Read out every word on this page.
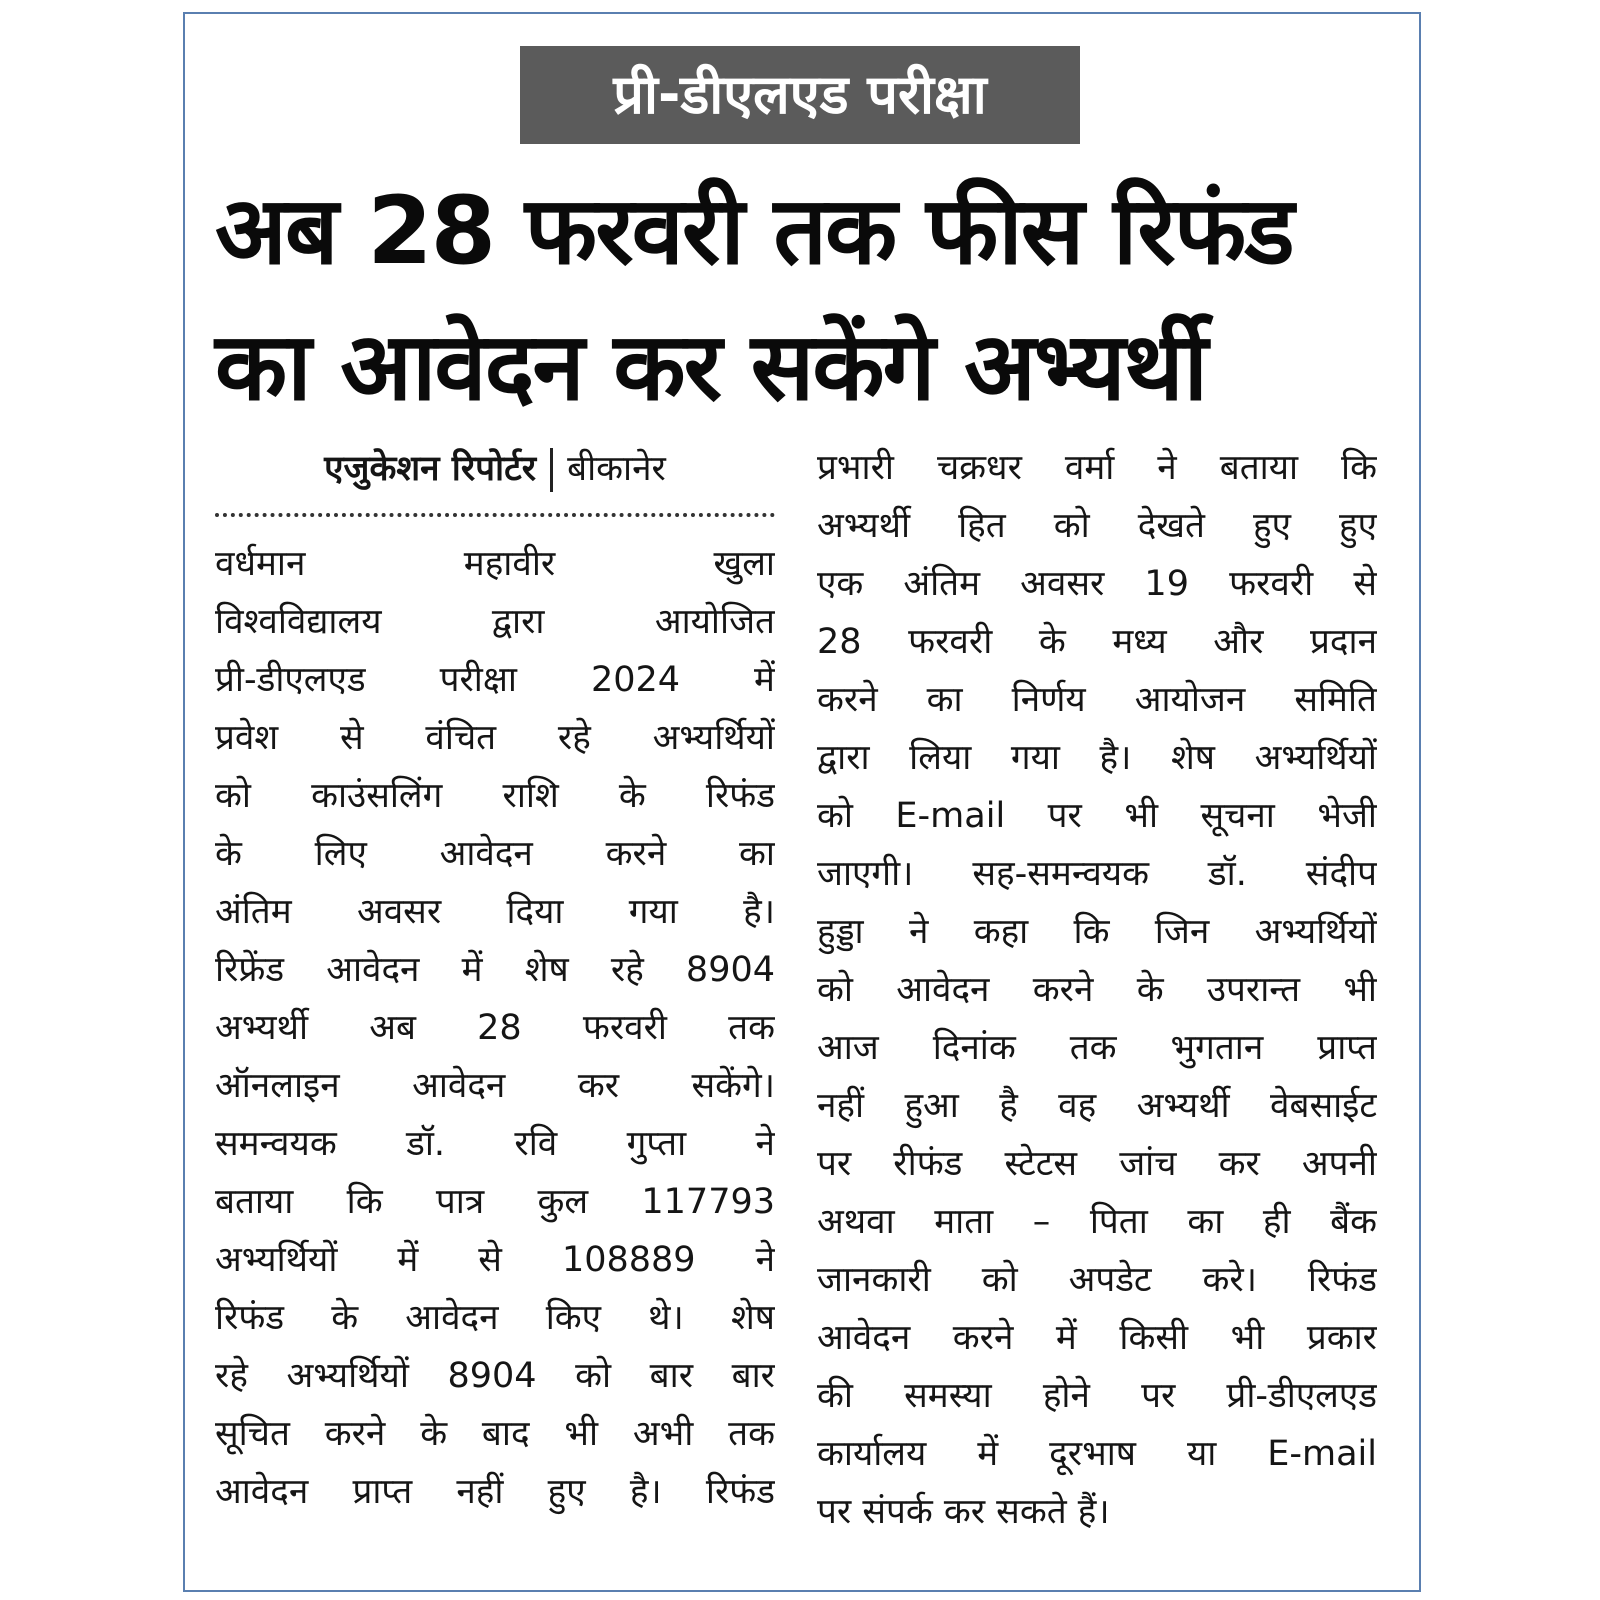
प्री-डीएलएड परीक्षा
अब 28 फरवरी तक फीस रिफंड
का आवेदन कर सकेंगे अभ्यर्थी
एजुकेशन रिपोर्टर बीकानेर
वर्धमान महावीर खुला
विश्वविद्यालय द्वारा आयोजित
प्री-डीएलएड परीक्षा 2024 में
प्रवेश से वंचित रहे अभ्यर्थियों
को काउंसलिंग राशि के रिफंड
के लिए आवेदन करने का
अंतिम अवसर दिया गया है।
रिफ्रेंड आवेदन में शेष रहे 8904
अभ्यर्थी अब 28 फरवरी तक
ऑनलाइन आवेदन कर सकेंगे।
समन्वयक डॉ. रवि गुप्ता ने
बताया कि पात्र कुल 117793
अभ्यर्थियों में से 108889 ने
रिफंड के आवेदन किए थे। शेष
रहे अभ्यर्थियों 8904 को बार बार
सूचित करने के बाद भी अभी तक
आवेदन प्राप्त नहीं हुए है। रिफंड
प्रभारी चक्रधर वर्मा ने बताया कि
अभ्यर्थी हित को देखते हुए हुए
एक अंतिम अवसर 19 फरवरी से
28 फरवरी के मध्य और प्रदान
करने का निर्णय आयोजन समिति
द्वारा लिया गया है। शेष अभ्यर्थियों
को E-mail पर भी सूचना भेजी
जाएगी। सह-समन्वयक डॉ. संदीप
हुड्डा ने कहा कि जिन अभ्यर्थियों
को आवेदन करने के उपरान्त भी
आज दिनांक तक भुगतान प्राप्त
नहीं हुआ है वह अभ्यर्थी वेबसाईट
पर रीफंड स्टेटस जांच कर अपनी
अथवा माता – पिता का ही बैंक
जानकारी को अपडेट करे। रिफंड
आवेदन करने में किसी भी प्रकार
की समस्या होने पर प्री-डीएलएड
कार्यालय में दूरभाष या E-mail
पर संपर्क कर सकते हैं।
